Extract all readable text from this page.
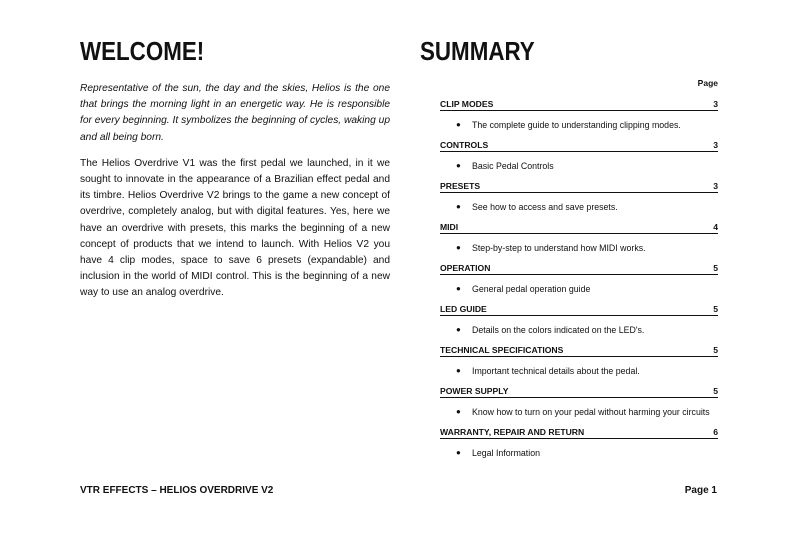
WELCOME!

Representative of the sun, the day and the skies, Helios is the one that brings the morning light in an energetic way. He is responsible for every beginning. It symbolizes the beginning of cycles, waking up and all being born.

The Helios Overdrive V1 was the first pedal we launched, in it we sought to innovate in the appearance of a Brazilian effect pedal and its timbre. Helios Overdrive V2 brings to the game a new concept of overdrive, completely analog, but with digital features. Yes, here we have an overdrive with presets, this marks the beginning of a new concept of products that we intend to launch. With Helios V2 you have 4 clip modes, space to save 6 presets (expandable) and inclusion in the world of MIDI control. This is the beginning of a new way to use an analog overdrive.

SUMMARY
Page
CLIP MODES	3
●	The complete guide to understanding clipping modes.
CONTROLS	3
●	Basic Pedal Controls
PRESETS	3
●	See how to access and save presets.
MIDI	4
●	Step-by-step to understand how MIDI works.
OPERATION	5
●	General pedal operation guide
LED GUIDE	5
●	Details on the colors indicated on the LED's.
TECHNICAL SPECIFICATIONS	5
●	Important technical details about the pedal.
POWER SUPPLY	5
●	Know how to turn on your pedal without harming your circuits
WARRANTY, REPAIR AND RETURN	6
●	Legal Information
VTR EFFECTS – HELIOS OVERDRIVE V2	Page 1
